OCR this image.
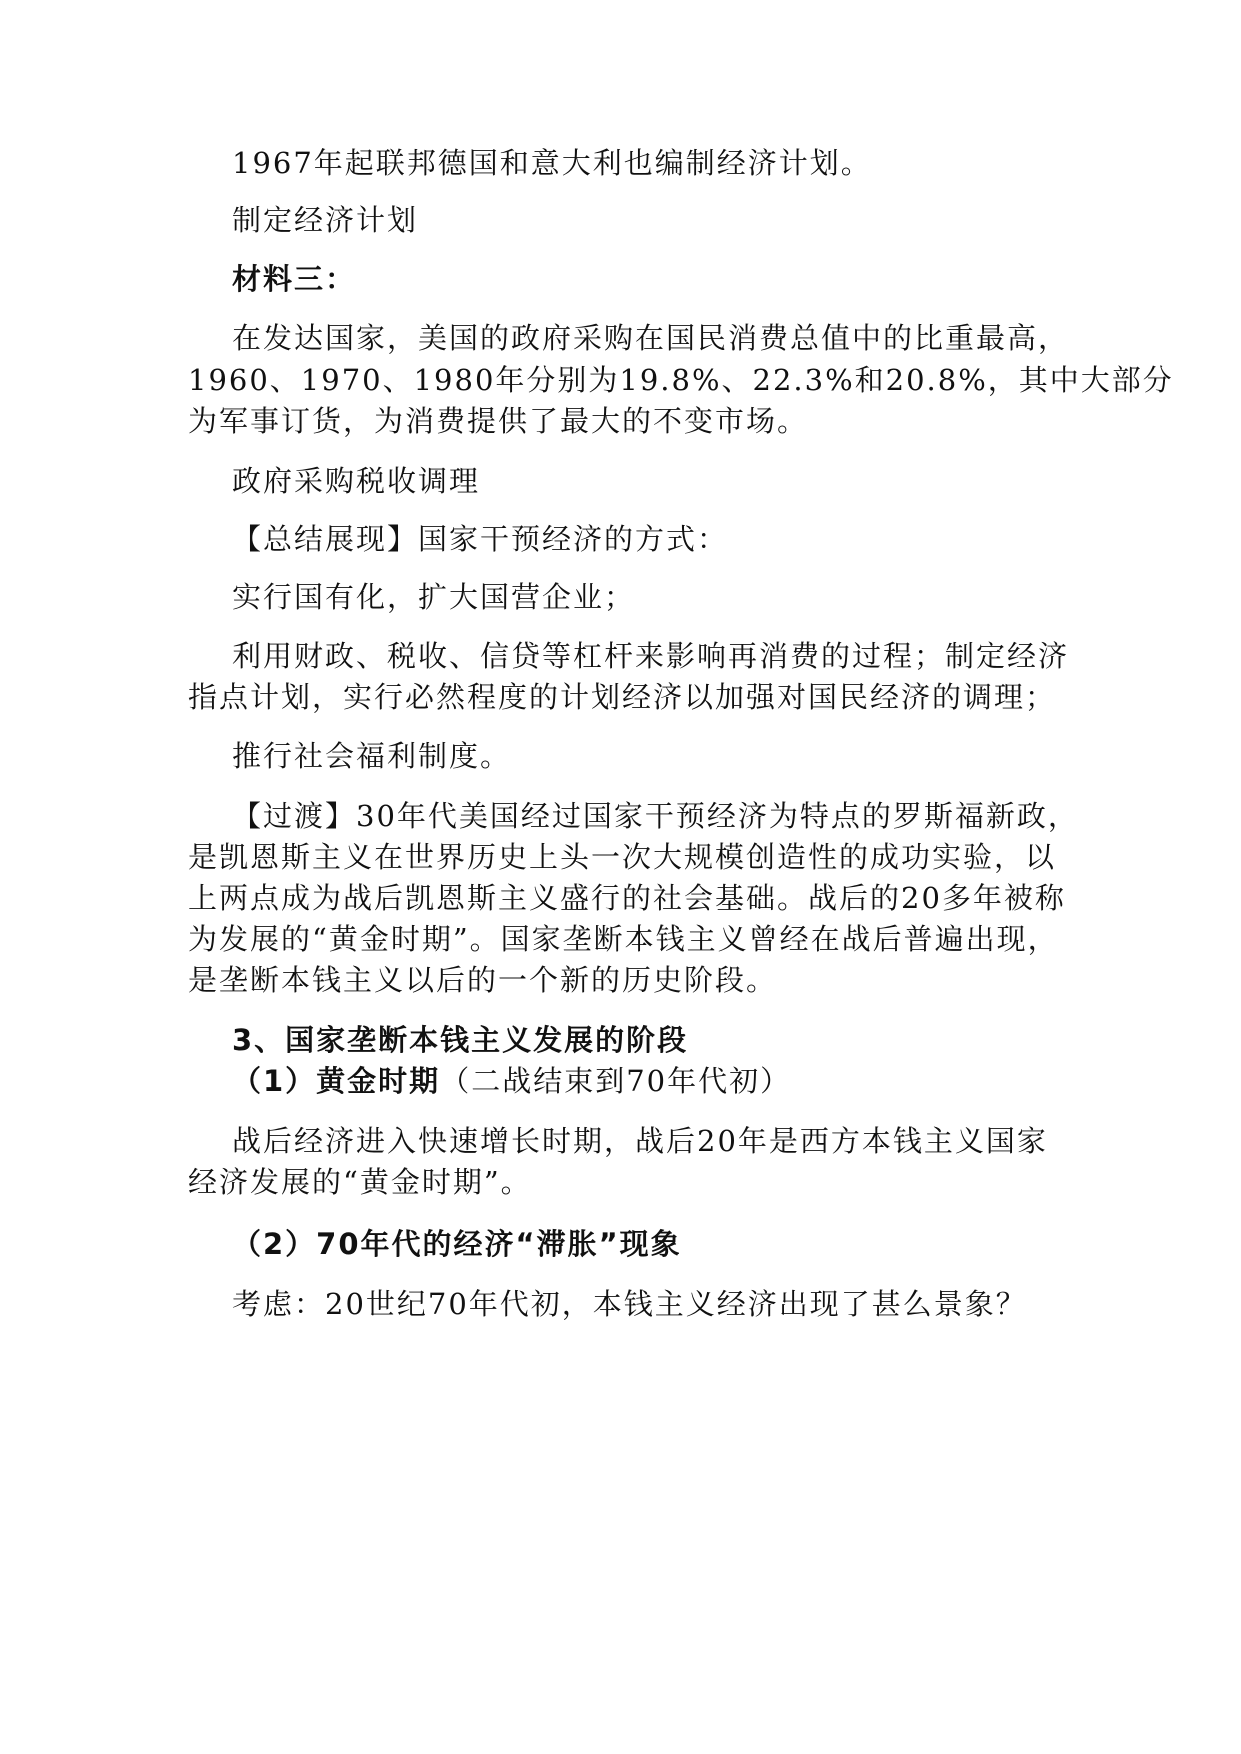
1967年起联邦德国和意大利也编制经济计划。
制定经济计划
材料三：
在发达国家，美国的政府采购在国民消费总值中的比重最高，
1960、1970、1980年分别为19.8%、22.3%和20.8%，其中大部分
为军事订货，为消费提供了最大的不变市场。
政府采购税收调理
【总结展现】国家干预经济的方式：
实行国有化，扩大国营企业；
利用财政、税收、信贷等杠杆来影响再消费的过程；制定经济
指点计划，实行必然程度的计划经济以加强对国民经济的调理；
推行社会福利制度。
【过渡】30年代美国经过国家干预经济为特点的罗斯福新政，
是凯恩斯主义在世界历史上头一次大规模创造性的成功实验，以
上两点成为战后凯恩斯主义盛行的社会基础。战后的20多年被称
为发展的“黄金时期”。国家垄断本钱主义曾经在战后普遍出现，
是垄断本钱主义以后的一个新的历史阶段。
3、国家垄断本钱主义发展的阶段
（1）黄金时期（二战结束到70年代初）
战后经济进入快速增长时期，战后20年是西方本钱主义国家
经济发展的“黄金时期”。
（2）70年代的经济“滞胀”现象
考虑：20世纪70年代初，本钱主义经济出现了甚么景象？
